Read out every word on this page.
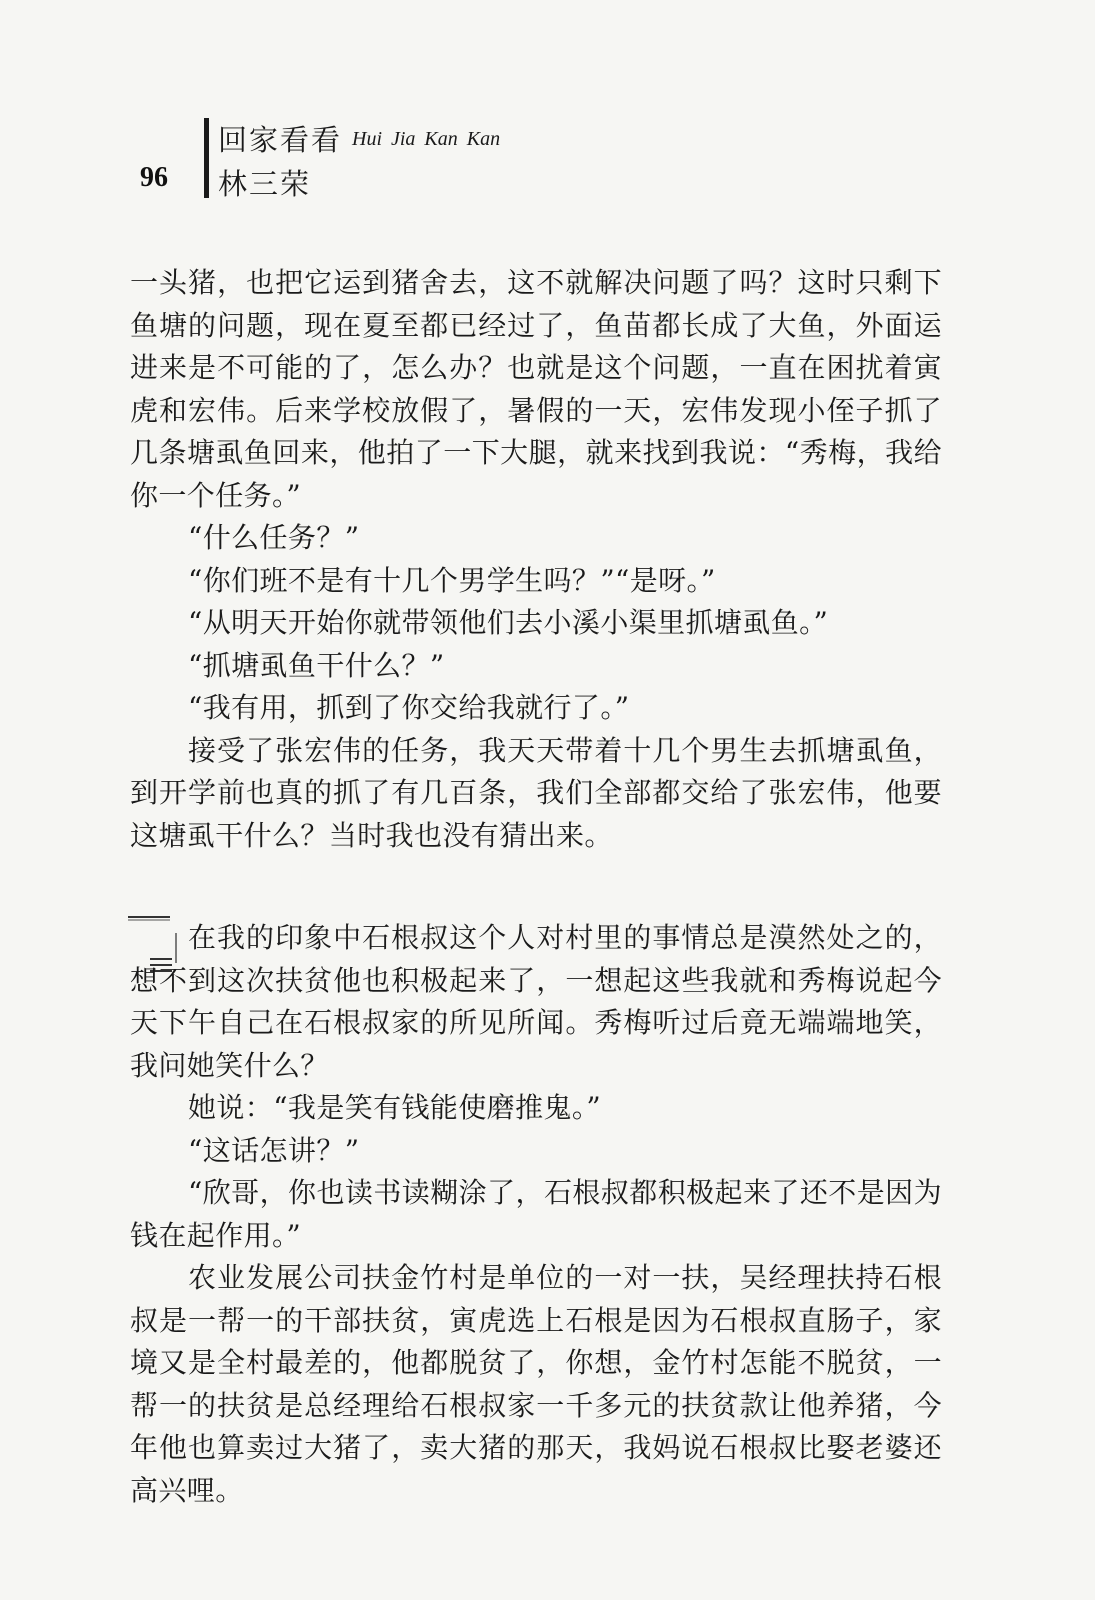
96
回家看看 Hui Jia Kan Kan
林三荣

一头猪，也把它运到猪舍去，这不就解决问题了吗？这时只剩下鱼塘的问题，现在夏至都已经过了，鱼苗都长成了大鱼，外面运进来是不可能的了，怎么办？也就是这个问题，一直在困扰着寅虎和宏伟。后来学校放假了，暑假的一天，宏伟发现小侄子抓了几条塘虱鱼回来，他拍了一下大腿，就来找到我说：“秀梅，我给你一个任务。”

“什么任务？”

“你们班不是有十几个男学生吗？”“是呀。”

“从明天开始你就带领他们去小溪小渠里抓塘虱鱼。”

“抓塘虱鱼干什么？”

“我有用，抓到了你交给我就行了。”

接受了张宏伟的任务，我天天带着十几个男生去抓塘虱鱼，到开学前也真的抓了有几百条，我们全部都交给了张宏伟，他要这塘虱干什么？当时我也没有猜出来。

在我的印象中石根叔这个人对村里的事情总是漠然处之的，想不到这次扶贫他也积极起来了，一想起这些我就和秀梅说起今天下午自己在石根叔家的所见所闻。秀梅听过后竟无端端地笑，我问她笑什么？

她说：“我是笑有钱能使磨推鬼。”

“这话怎讲？”

“欣哥，你也读书读糊涂了，石根叔都积极起来了还不是因为钱在起作用。”

农业发展公司扶金竹村是单位的一对一扶，吴经理扶持石根叔是一帮一的干部扶贫，寅虎选上石根是因为石根叔直肠子，家境又是全村最差的，他都脱贫了，你想，金竹村怎能不脱贫，一帮一的扶贫是总经理给石根叔家一千多元的扶贫款让他养猪，今年他也算卖过大猪了，卖大猪的那天，我妈说石根叔比娶老婆还高兴哩。
